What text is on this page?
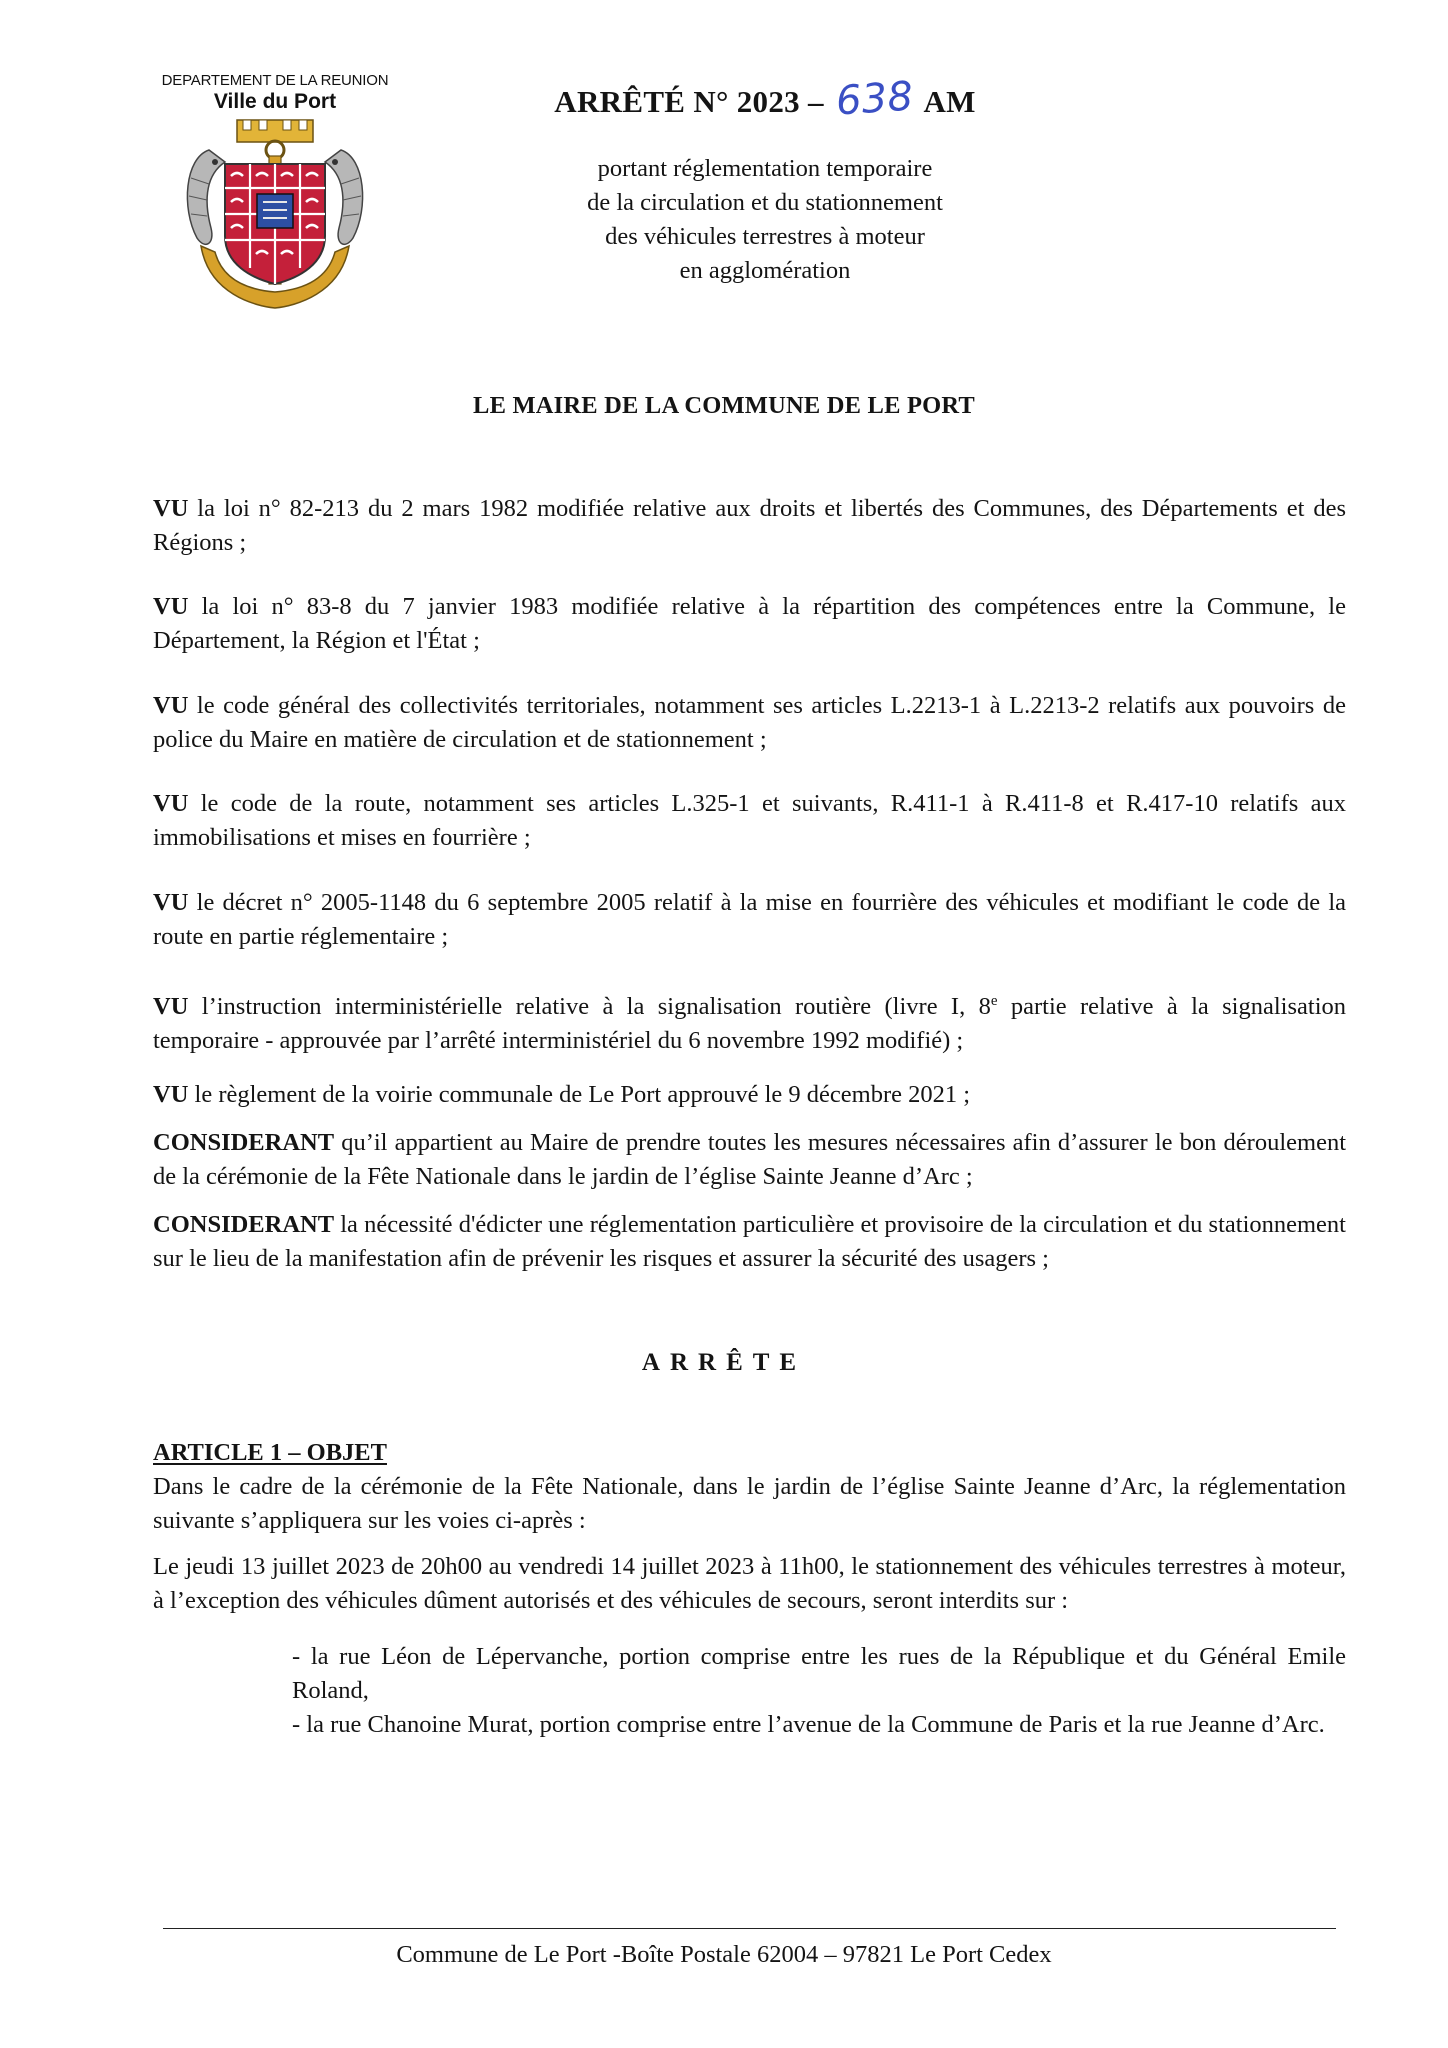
DEPARTEMENT DE LA REUNION
Ville du Port	ARRÊTÉ N° 2023 – 638 AM
portant réglementation temporaire
de la circulation et du stationnement
des véhicules terrestres à moteur
en agglomération
LE MAIRE DE LA COMMUNE DE LE PORT

VU la loi n° 82-213 du 2 mars 1982 modifiée relative aux droits et libertés des Communes, des Départements et des Régions ;

VU la loi n° 83-8 du 7 janvier 1983 modifiée relative à la répartition des compétences entre la Commune, le Département, la Région et l'État ;

VU le code général des collectivités territoriales, notamment ses articles L.2213-1 à L.2213-2 relatifs aux pouvoirs de police du Maire en matière de circulation et de stationnement ;

VU le code de la route, notamment ses articles L.325-1 et suivants, R.411-1 à R.411-8 et R.417-10 relatifs aux immobilisations et mises en fourrière ;

VU le décret n° 2005-1148 du 6 septembre 2005 relatif à la mise en fourrière des véhicules et modifiant le code de la route en partie réglementaire ;

VU l’instruction interministérielle relative à la signalisation routière (livre I, 8e partie relative à la signalisation temporaire - approuvée par l’arrêté interministériel du 6 novembre 1992 modifié) ;

VU le règlement de la voirie communale de Le Port approuvé le 9 décembre 2021 ;

CONSIDERANT qu’il appartient au Maire de prendre toutes les mesures nécessaires afin d’assurer le bon déroulement de la cérémonie de la Fête Nationale dans le jardin de l’église Sainte Jeanne d’Arc ;

CONSIDERANT la nécessité d'édicter une réglementation particulière et provisoire de la circulation et du stationnement sur le lieu de la manifestation afin de prévenir les risques et assurer la sécurité des usagers ;

ARRÊTE

ARTICLE 1 – OBJET

Dans le cadre de la cérémonie de la Fête Nationale, dans le jardin de l’église Sainte Jeanne d’Arc, la réglementation suivante s’appliquera sur les voies ci-après :

Le jeudi 13 juillet 2023 de 20h00 au vendredi 14 juillet 2023 à 11h00, le stationnement des véhicules terrestres à moteur, à l’exception des véhicules dûment autorisés et des véhicules de secours, seront interdits sur :

- la rue Léon de Lépervanche, portion comprise entre les rues de la République et du Général Emile Roland,

- la rue Chanoine Murat, portion comprise entre l’avenue de la Commune de Paris et la rue Jeanne d’Arc.

Commune de Le Port -Boîte Postale 62004 – 97821 Le Port Cedex
